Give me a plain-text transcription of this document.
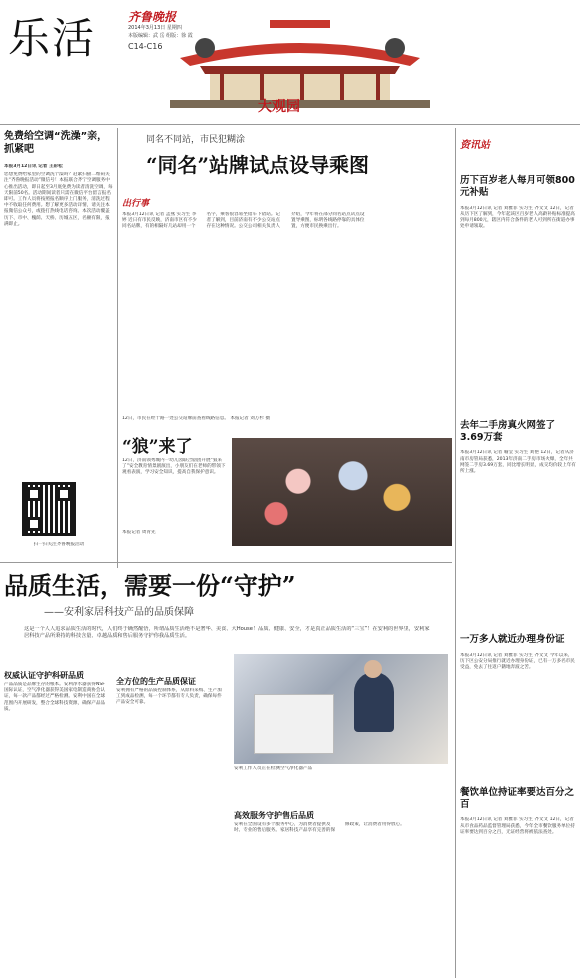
乐活	齐鲁晚报
2014年3月13日 星期四
本版编辑：武 岳 组版：徐 霞
C14-C16
大观园
免费给空调“洗澡”亲，抓紧吧
本报3月12日讯 记者 王彩松
您想免费给家里的空调洗个澡吗？赶紧扫描二维码关注“齐鲁晚报活动”微信号！本报联合齐宁空调服务中心推出活动，即日起至3月底免费为读者清洗空调，每天限前50名。活动期间读者只需在微信平台留言报名即可。工作人员将按照报名顺序上门服务，清洗过程中不收取任何费用。想了解更多活动详情，请关注本报微信公众号，或拨打热线电话咨询。本次活动覆盖历下、市中、槐荫、天桥、历城五区，名额有限，报满即止。
扫一扫关注齐鲁晚报活动
同名不同站，市民犯糊涂
“同名”站牌试点设导乘图
出行事
本报3月12日讯 记者 孟燕 实习生 李婷 近日有市民反映，济南市区有不少同名站牌，有的相隔好几站却用一个名字，乘客很容易坐错车下错站。记者了解到，目前济南有不少公交站点存在这种情况。公交公司相关负责人介绍，今年将在部分同名站点试点设置导乘图，标明各线路停靠的具体位置，方便市民换乘出行。
12日，市民在经十路一处公交站牌前查看线路信息。 本报记者 刘万杉 摄
“狼”来了
12日，济南领秀城内一幼儿园联合剧团开展“狼来了”安全教育情景剧演出，小朋友们在老师的带领下观看表演，学习安全知识，提高自我保护意识。
本报记者 周青先
品质生活，需要一份“守护”
——安利家居科技产品的品质保障
这是一个人人追求品质生活的时代，人们终于确然醒悟，所谓品质生活绝不是奢华、美食、大House！品质、健康、安全，才是真正品质生活的“三宝”！在安利的世界里，安利家居科技产品所秉持的科技含量、卓越品质和售后服务守护你我品质生活。
权威认证守护科研品质
产品品质是品牌生存的根本。安利净水器获得NSF国际认证，空气净化器获得美国家电制造商协会认证，每一款产品都经过严格检测。安利中国在全球范围内开展研发，整合全球科技资源，确保产品品质。
全方位的生产品质保证
安利拥有严格的品质控制体系，从原料采购、生产加工到成品检测，每一个环节都有专人负责，确保每件产品安全可靠。
安利工作人员正在检测空气净化器产品
高效服务守护售后品质
安利在全国设有多个服务中心，为消费者提供及时、专业的售后服务。家居科技产品享有完善的保修政策，让消费者用得放心。
资讯站
历下百岁老人每月可领800元补贴
本报3月12日讯 记者 刘雅菲 实习生 齐文文 12日，记者从历下区了解到，今年起该区百岁老人高龄补贴标准提高到每月800元，辖区内符合条件的老人可到所在街道办事处申请领取。
去年二手房真火网签了3.69万套
本报3月12日讯 记者 喻莹 实习生 刘艳 12日，记者从济南市房管局获悉，2013年济南二手房市场火爆，全年共网签二手房3.69万套，同比增长明显，成交均价较上年有所上涨。
一万多人就近办理身份证
本报3月12日讯 记者 刘雅菲 实习生 齐文文 今年以来，历下区公安分局推行就近办理身份证，已有一万多名市民受益，免去了往返户籍地奔波之苦。
餐饮单位持证率要达百分之百
本报3月12日讯 记者 刘雅菲 实习生 齐文文 12日，记者从市食品药品监督管理局获悉，今年全市餐饮服务单位持证率要达到百分之百，无证经营将被依法查处。
